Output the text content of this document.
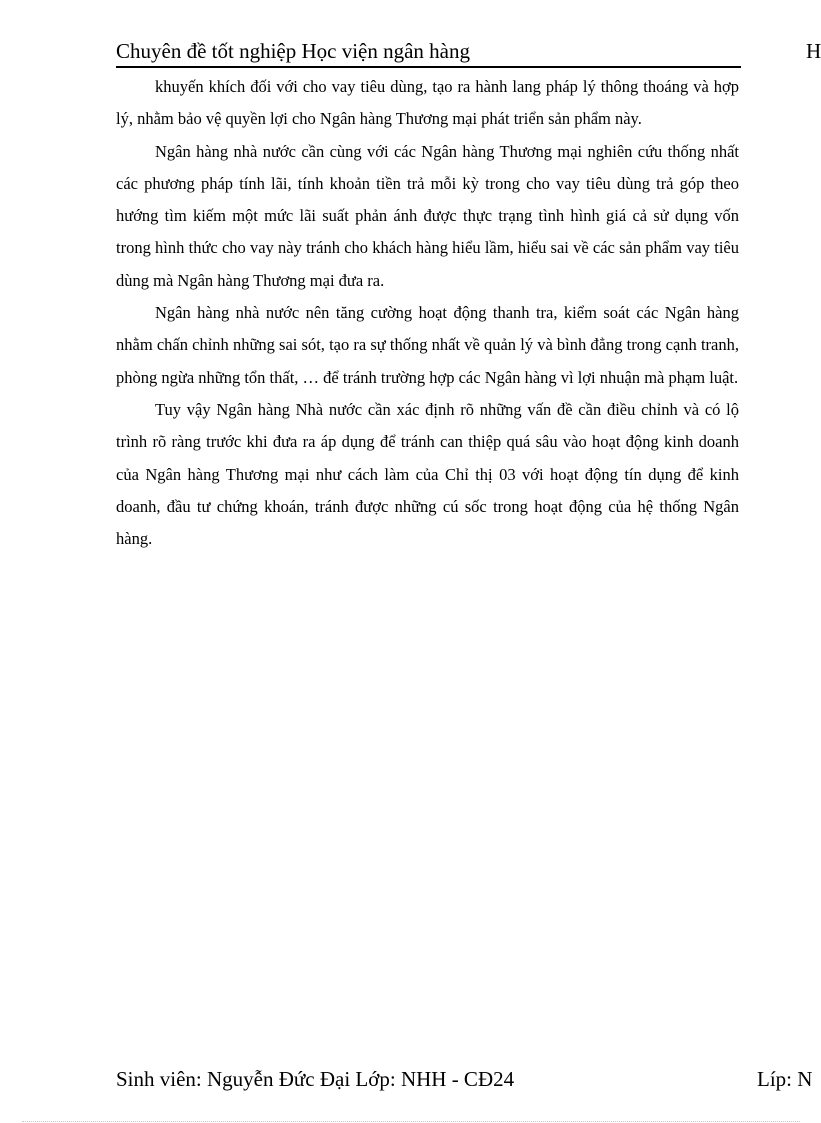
Chuyên đề tốt nghiệp Học viện ngân hàng	H

khuyến khích đối với cho vay tiêu dùng, tạo ra hành lang pháp lý thông thoáng và hợp lý, nhằm bảo vệ quyền lợi cho Ngân hàng Thương mại phát triển sản phẩm này.

Ngân hàng nhà nước cần cùng với các Ngân hàng Thương mại nghiên cứu thống nhất các phương pháp tính lãi, tính khoản tiền trả mỗi kỳ trong cho vay tiêu dùng trả góp theo hướng tìm kiếm một mức lãi suất phản ánh được thực trạng tình hình giá cả sử dụng vốn trong hình thức cho vay này tránh cho khách hàng hiểu lầm, hiểu sai về các sản phẩm vay tiêu dùng mà Ngân hàng Thương mại đưa ra.

Ngân hàng nhà nước nên tăng cường hoạt động thanh tra, kiểm soát các Ngân hàng nhằm chấn chỉnh những sai sót, tạo ra sự thống nhất về quản lý và bình đẳng trong cạnh tranh, phòng ngừa những tổn thất, … để tránh trường hợp các Ngân hàng vì lợi nhuận mà phạm luật.

Tuy vậy Ngân hàng Nhà nước cần xác định rõ những vấn đề cần điều chỉnh và có lộ trình rõ ràng trước khi đưa ra áp dụng để tránh can thiệp quá sâu vào hoạt động kinh doanh của Ngân hàng Thương mại như cách làm của Chỉ thị 03 với hoạt động tín dụng để kinh doanh, đầu tư chứng khoán, tránh được những cú sốc trong hoạt động của hệ thống Ngân hàng.

Sinh viên: Nguyễn Đức Đại Lớp: NHH - CĐ24	Líp: N
